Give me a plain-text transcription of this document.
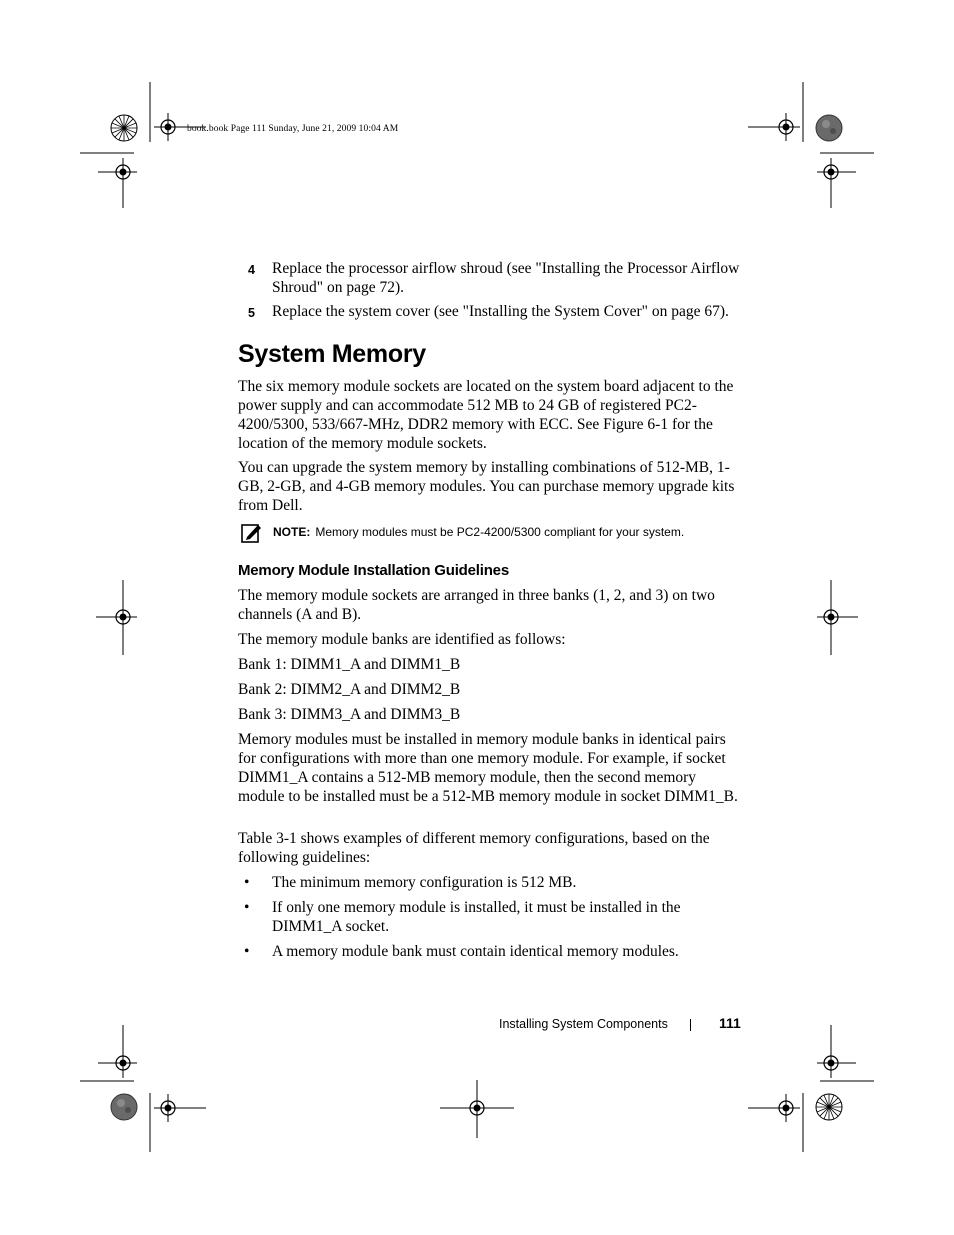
book.book Page 111 Sunday, June 21, 2009 10:04 AM
4	Replace the processor airflow shroud (see "Installing the Processor Airflow Shroud" on page 72).
5	Replace the system cover (see "Installing the System Cover" on page 67).
System Memory

The six memory module sockets are located on the system board adjacent to the power supply and can accommodate 512 MB to 24 GB of registered PC2-4200/5300, 533/667-MHz, DDR2 memory with ECC. See Figure 6-1 for the location of the memory module sockets.

You can upgrade the system memory by installing combinations of 512-MB, 1-GB, 2-GB, and 4-GB memory modules. You can purchase memory upgrade kits from Dell.

NOTE: Memory modules must be PC2-4200/5300 compliant for your system.
Memory Module Installation Guidelines

The memory module sockets are arranged in three banks (1, 2, and 3) on two channels (A and B).

The memory module banks are identified as follows:

Bank 1: DIMM1_A and DIMM1_B

Bank 2: DIMM2_A and DIMM2_B

Bank 3: DIMM3_A and DIMM3_B

Memory modules must be installed in memory module banks in identical pairs for configurations with more than one memory module. For example, if socket DIMM1_A contains a 512-MB memory module, then the second memory module to be installed must be a 512-MB memory module in socket DIMM1_B.

Table 3-1 shows examples of different memory configurations, based on the following guidelines:

•	The minimum memory configuration is 512 MB.
•	If only one memory module is installed, it must be installed in the DIMM1_A socket.
•	A memory module bank must contain identical memory modules.
Installing System Components	111
